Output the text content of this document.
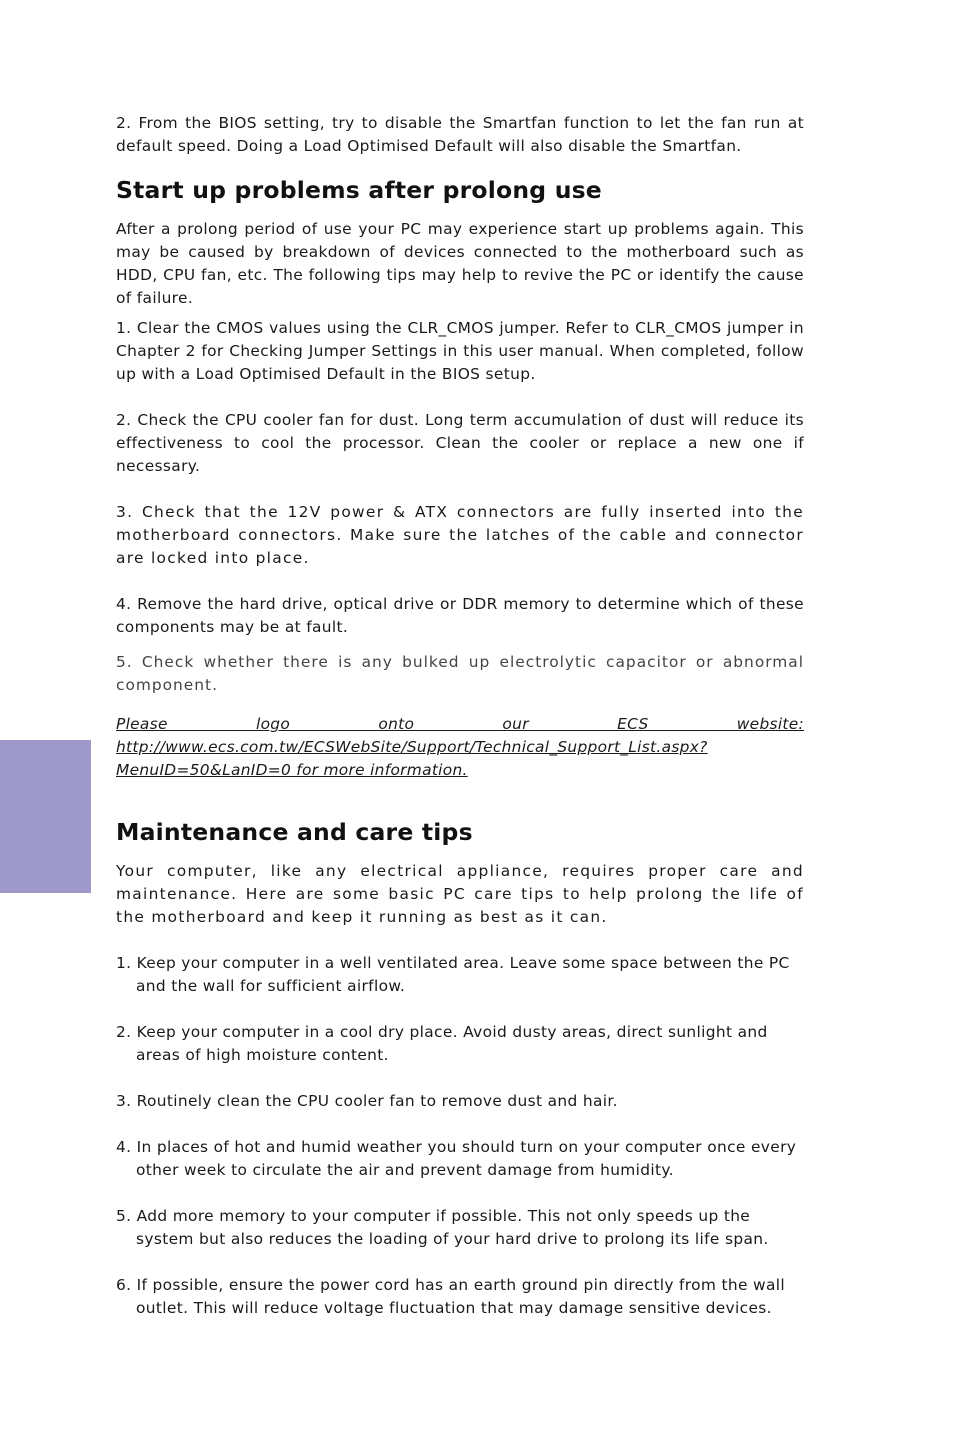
2. From the BIOS setting, try to disable the Smartfan function to let the fan run at default speed. Doing a Load Optimised Default will also disable the Smartfan.

Start up problems after prolong use

After a prolong period of use your PC may experience start up problems again. This may be caused by breakdown of devices connected to the motherboard such as HDD, CPU fan, etc. The following tips may help to revive the PC or identify the cause of failure.

1. Clear the CMOS values using the CLR_CMOS jumper. Refer to CLR_CMOS jumper in Chapter 2 for Checking Jumper Settings in this user manual. When completed, follow up with a Load Optimised Default in the BIOS setup.

2. Check the CPU cooler fan for dust. Long term accumulation of dust will reduce its effectiveness to cool the processor. Clean the cooler or replace a new one if necessary.

3. Check that the 12V power & ATX connectors are fully inserted into the motherboard connectors. Make sure the latches of the cable and connector are locked into place.

4. Remove the hard drive, optical drive or DDR memory to determine which of these components may be at fault.

5. Check whether there is any bulked up electrolytic capacitor or abnormal component.

Please logo onto our ECS website: http://www.ecs.com.tw/ECSWebSite/Support/Technical_Support_List.aspx?MenuID=50&LanID=0 for more information.

Maintenance and care tips

Your computer, like any electrical appliance, requires proper care and maintenance. Here are some basic PC care tips to help prolong the life of the motherboard and keep it running as best as it can.

1. Keep your computer in a well ventilated area. Leave some space between the PC and the wall for sufficient airflow.

2. Keep your computer in a cool dry place. Avoid dusty areas, direct sunlight and areas of high moisture content.

3. Routinely clean the CPU cooler fan to remove dust and hair.

4. In places of hot and humid weather you should turn on your computer once every other week to circulate the air and prevent damage from humidity.

5. Add more memory to your computer if possible. This not only speeds up the system but also reduces the loading of your hard drive to prolong its life span.

6. If possible, ensure the power cord has an earth ground pin directly from the wall outlet. This will reduce voltage fluctuation that may damage sensitive devices.
